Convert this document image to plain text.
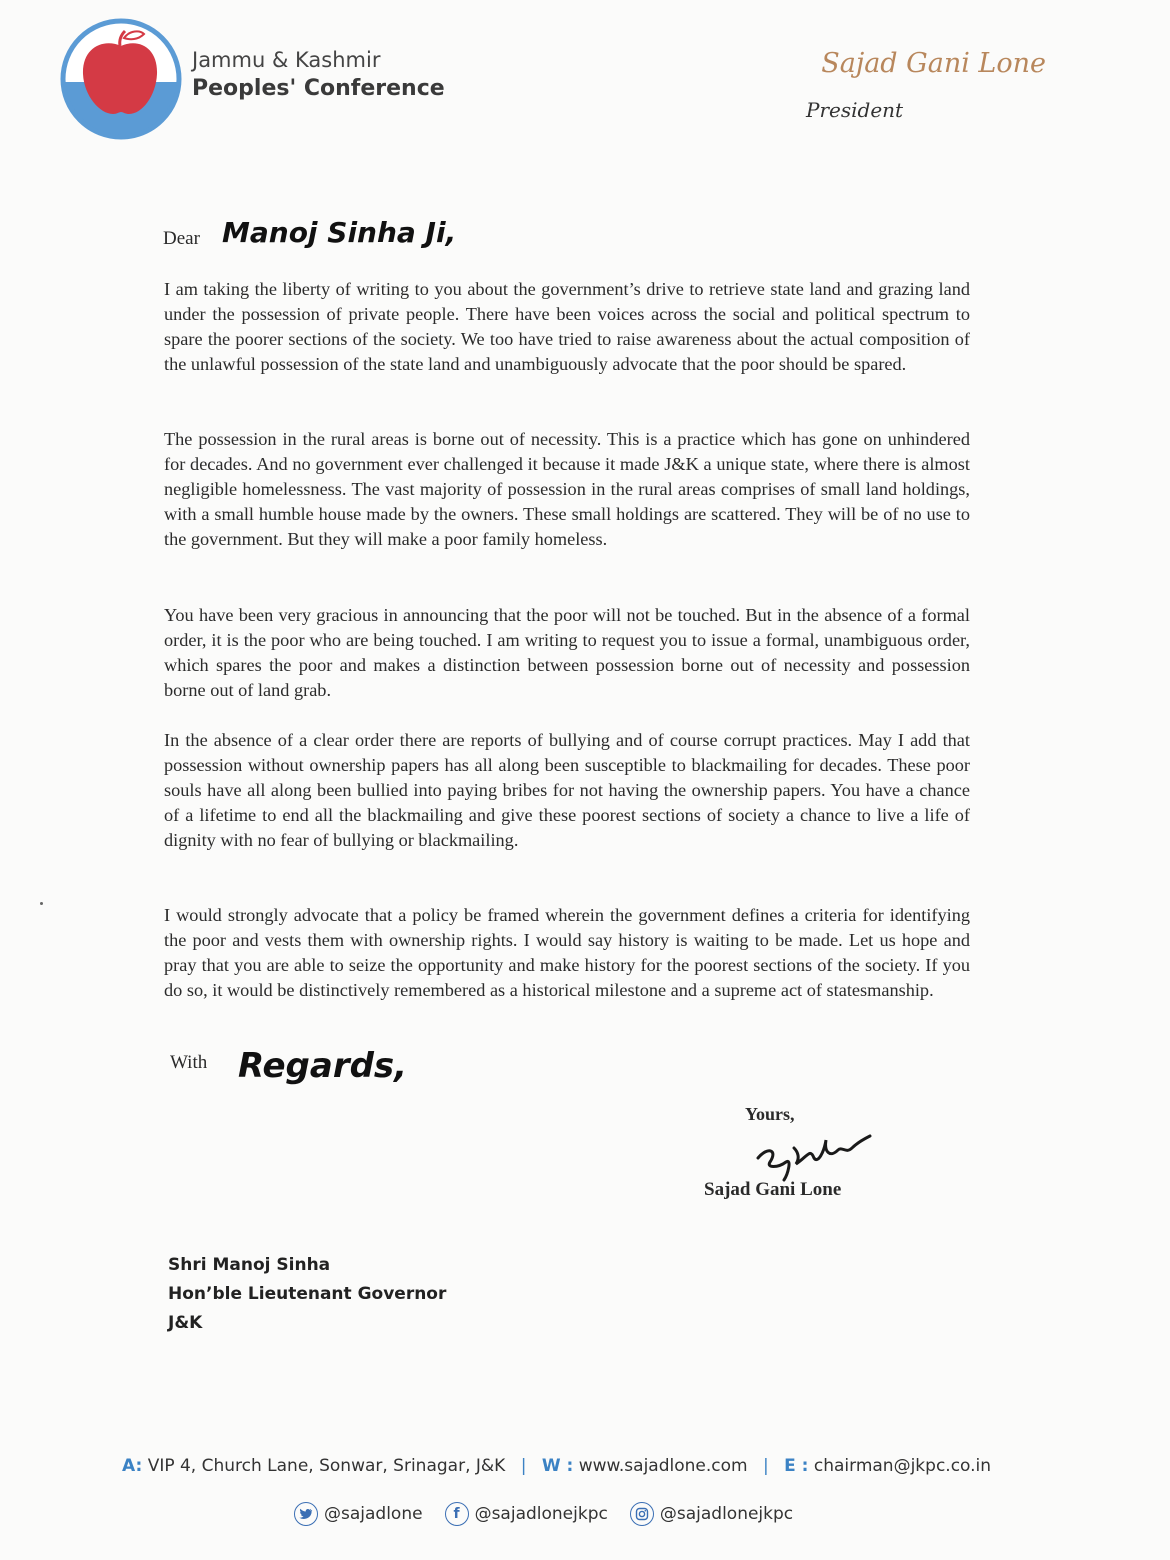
Jammu & Kashmir
Peoples' Conference
Sajad Gani Lone
President
Dear Manoj Sinha Ji,

I am taking the liberty of writing to you about the government’s drive to retrieve state land and grazing land under the possession of private people. There have been voices across the social and political spectrum to spare the poorer sections of the society. We too have tried to raise awareness about the actual composition of the unlawful possession of the state land and unambiguously advocate that the poor should be spared.

The possession in the rural areas is borne out of necessity. This is a practice which has gone on unhindered for decades. And no government ever challenged it because it made J&K a unique state, where there is almost negligible homelessness. The vast majority of possession in the rural areas comprises of small land holdings, with a small humble house made by the owners. These small holdings are scattered. They will be of no use to the government. But they will make a poor family homeless.

You have been very gracious in announcing that the poor will not be touched. But in the absence of a formal order, it is the poor who are being touched. I am writing to request you to issue a formal, unambiguous order, which spares the poor and makes a distinction between possession borne out of necessity and possession borne out of land grab.

In the absence of a clear order there are reports of bullying and of course corrupt practices. May I add that possession without ownership papers has all along been susceptible to blackmailing for decades. These poor souls have all along been bullied into paying bribes for not having the ownership papers. You have a chance of a lifetime to end all the blackmailing and give these poorest sections of society a chance to live a life of dignity with no fear of bullying or blackmailing.

I would strongly advocate that a policy be framed wherein the government defines a criteria for identifying the poor and vests them with ownership rights. I would say history is waiting to be made. Let us hope and pray that you are able to seize the opportunity and make history for the poorest sections of the society. If you do so, it would be distinctively remembered as a historical milestone and a supreme act of statesmanship.

With Regards,
Yours,
Sajad Gani Lone
Shri Manoj Sinha
Hon’ble Lieutenant Governor
J&K
A: VIP 4, Church Lane, Sonwar, Srinagar, J&K | W : www.sajadlone.com | E : chairman@jkpc.co.in
@sajadlone f @sajadlonejkpc	@sajadlonejkpc
